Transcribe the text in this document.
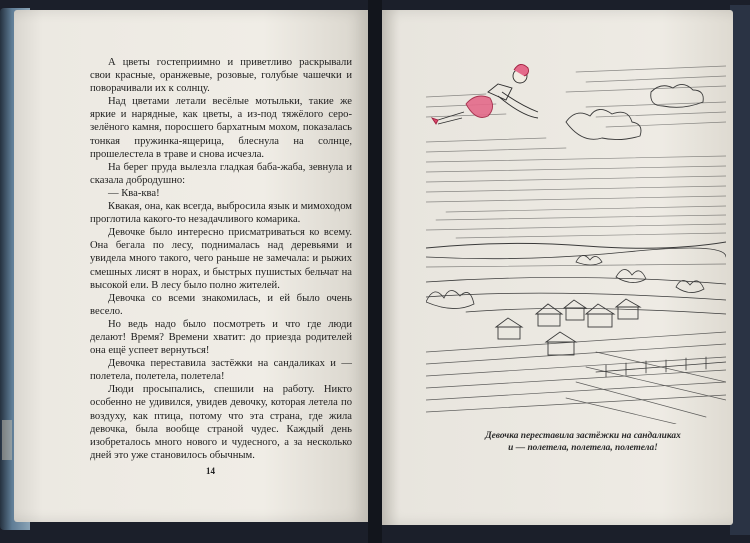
А цветы гостеприимно и приветливо раскрывали свои красные, оранжевые, розовые, голубые чашечки и поворачивали их к солнцу.

Над цветами летали весёлые мотыльки, такие же яркие и нарядные, как цветы, а из-под тяжёлого серо-зелёного камня, поросшего бархатным мохом, показалась тонкая пружинка-ящерица, блеснула на солнце, прошелестела в траве и снова исчезла.

На берег пруда вылезла гладкая баба-жаба, зевнула и сказала добродушно:

— Ква-ква!

Квакая, она, как всегда, выбросила язык и мимоходом проглотила какого-то незадачливого комарика.

Девочке было интересно присматриваться ко всему. Она бегала по лесу, поднималась над деревьями и увидела много такого, чего раньше не замечала: и рыжих смешных лисят в норах, и быстрых пушистых бельчат на высокой ели. В лесу было полно жителей.

Девочка со всеми знакомилась, и ей было очень весело.

Но ведь надо было посмотреть и что где люди делают! Время? Времени хватит: до приезда родителей она ещё успеет вернуться!

Девочка переставила застёжки на сандаликах и — полетела, полетела, полетела!

Люди просыпались, спешили на работу. Никто особенно не удивился, увидев девочку, которая летела по воздуху, как птица, потому что эта страна, где жила девочка, была вообще страной чудес. Каждый день изобреталось много нового и чудесного, а за несколько дней это уже становилось обычным.

14
Девочка переставила застёжки на сандаликах
и — полетела, полетела, полетела!
